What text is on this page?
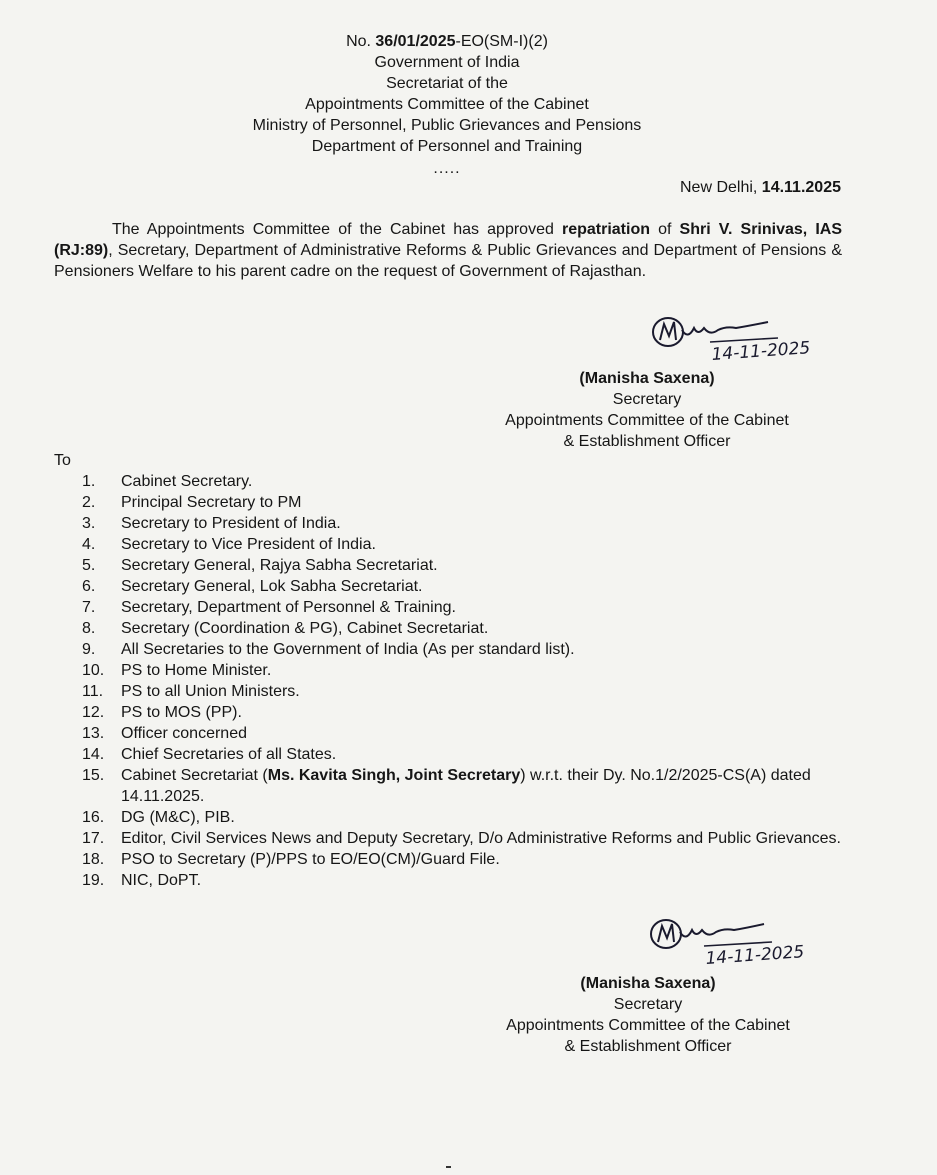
No. 36/01/2025-EO(SM-I)(2)
Government of India
Secretariat of the
Appointments Committee of the Cabinet
Ministry of Personnel, Public Grievances and Pensions
Department of Personnel and Training
.....
New Delhi, 14.11.2025
The Appointments Committee of the Cabinet has approved repatriation of Shri V. Srinivas, IAS (RJ:89), Secretary, Department of Administrative Reforms & Public Grievances and Department of Pensions & Pensioners Welfare to his parent cadre on the request of Government of Rajasthan.
14-11-2025
(Manisha Saxena)
Secretary
Appointments Committee of the Cabinet
& Establishment Officer
To
1.	Cabinet Secretary.
2.	Principal Secretary to PM
3.	Secretary to President of India.
4.	Secretary to Vice President of India.
5.	Secretary General, Rajya Sabha Secretariat.
6.	Secretary General, Lok Sabha Secretariat.
7.	Secretary, Department of Personnel & Training.
8.	Secretary (Coordination & PG), Cabinet Secretariat.
9.	All Secretaries to the Government of India (As per standard list).
10.	PS to Home Minister.
11.	PS to all Union Ministers.
12.	PS to MOS (PP).
13.	Officer concerned
14.	Chief Secretaries of all States.
15.	Cabinet Secretariat (Ms. Kavita Singh, Joint Secretary) w.r.t. their Dy. No.1/2/2025-CS(A) dated 14.11.2025.
16.	DG (M&C), PIB.
17.	Editor, Civil Services News and Deputy Secretary, D/o Administrative Reforms and Public Grievances.
18.	PSO to Secretary (P)/PPS to EO/EO(CM)/Guard File.
19.	NIC, DoPT.
14-11-2025
(Manisha Saxena)
Secretary
Appointments Committee of the Cabinet
& Establishment Officer
